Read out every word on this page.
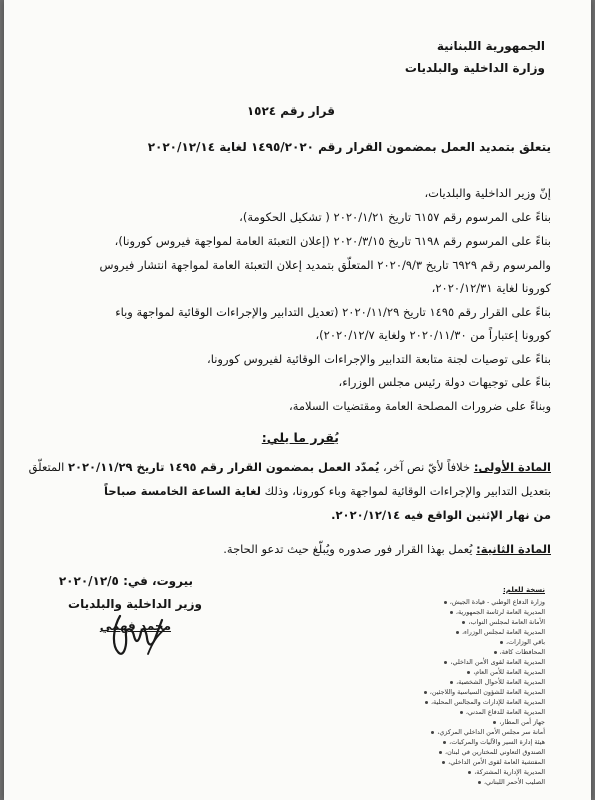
الجمهورية اللبنانية

وزارة الداخلية والبلديات

قرار رقم ١٥٢٤

يتعلق بتمديد العمل بمضمون القرار رقم ١٤٩٥/٢٠٢٠ لغاية ٢٠٢٠/١٢/١٤

إنّ وزير الداخلية والبلديات،

بناءً على المرسوم رقم ٦١٥٧ تاريخ ٢٠٢٠/١/٢١ ( تشكيل الحكومة)،

بناءً على المرسوم رقم ٦١٩٨ تاريخ ٢٠٢٠/٣/١٥ (إعلان التعبئة العامة لمواجهة فيروس كورونا)،

والمرسوم رقم ٦٩٢٩ تاريخ ٢٠٢٠/٩/٣ المتعلّق بتمديد إعلان التعبئة العامة لمواجهة انتشار فيروس

كورونا لغاية ٢٠٢٠/١٢/٣١،

بناءً على القرار رقم ١٤٩٥ تاريخ ٢٠٢٠/١١/٢٩ (تعديل التدابير والإجراءات الوقائية لمواجهة وباء

كورونا إعتباراً من ٢٠٢٠/١١/٣٠ ولغاية ٢٠٢٠/١٢/٧)،

بناءً على توصيات لجنة متابعة التدابير والإجراءات الوقائية لفيروس كورونا،

بناءً على توجيهات دولة رئيس مجلس الوزراء،

وبناءً على ضرورات المصلحة العامة ومقتضيات السلامة،

يُقرر ما يلي:

المادة الأولى: خلافاً لأيّ نص آخر، يُمدّد العمل بمضمون القرار رقم ١٤٩٥ تاريخ ٢٠٢٠/١١/٢٩ المتعلّق

بتعديل التدابير والإجراءات الوقائية لمواجهة وباء كورونا، وذلك لغاية الساعة الخامسة صباحاً

من نهار الإثنين الواقع فيه ٢٠٢٠/١٢/١٤.

المادة الثانية: يُعمل بهذا القرار فور صدوره ويُبلّغ حيث تدعو الحاجة.

بيروت، في: ٢٠٢٠/١٢/٥

وزير الداخلية والبلديات

محمد فهمي

نسخة للعلم:

وزارة الدفاع الوطني - قيادة الجيش،

المديرية العامة لرئاسة الجمهورية،

الأمانة العامة لمجلس النواب،

المديرية العامة لمجلس الوزراء،

باقي الوزارات،

المحافظات كافة،

المديرية العامة لقوى الأمن الداخلي،

المديرية العامة للأمن العام،

المديرية العامة للأحوال الشخصية،

المديرية العامة للشؤون السياسية واللاجئين،

المديرية العامة للإدارات والمجالس المحلية،

المديرية العامة للدفاع المدني،

جهاز أمن المطار،

أمانة سر مجلس الأمن الداخلي المركزي،

هيئة إدارة السير والآليات والمركبات،

الصندوق التعاوني للمختارين في لبنان،

المفتشية العامة لقوى الأمن الداخلي،

المديرية الإدارية المشتركة،

الصليب الأحمر اللبناني،
